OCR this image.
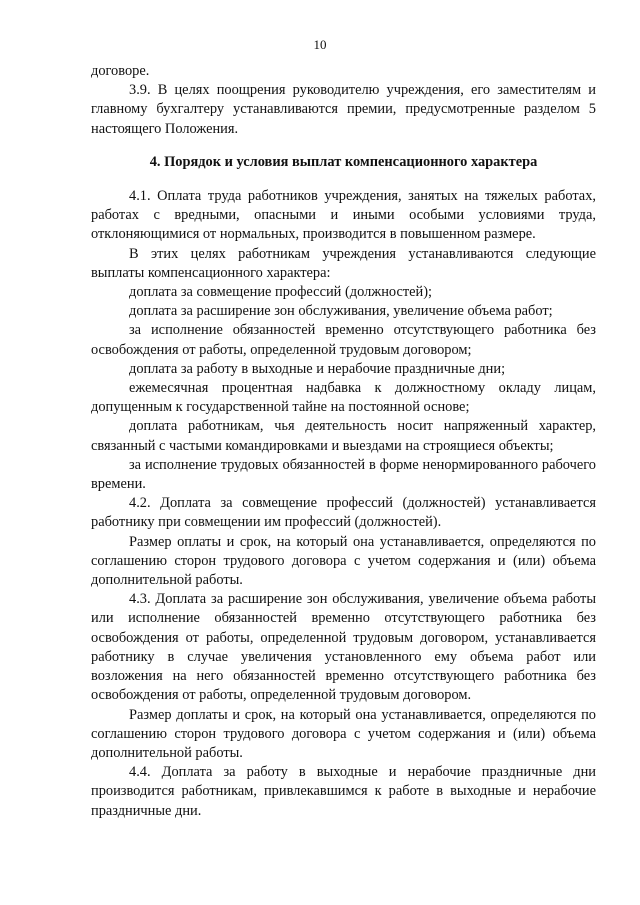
10

договоре.

3.9. В целях поощрения руководителю учреждения, его заместителям и главному бухгалтеру устанавливаются премии, предусмотренные разделом 5 настоящего Положения.

4. Порядок и условия выплат компенсационного характера

4.1. Оплата труда работников учреждения, занятых на тяжелых работах, работах с вредными, опасными и иными особыми условиями труда, отклоняющимися от нормальных, производится в повышенном размере.

В этих целях работникам учреждения устанавливаются следующие выплаты компенсационного характера:

доплата за совмещение профессий (должностей);

доплата за расширение зон обслуживания, увеличение объема работ;

за исполнение обязанностей временно отсутствующего работника без освобождения от работы, определенной трудовым договором;

доплата за работу в выходные и нерабочие праздничные дни;

ежемесячная процентная надбавка к должностному окладу лицам, допущенным к государственной тайне на постоянной основе;

доплата работникам, чья деятельность носит напряженный характер, связанный с частыми командировками и выездами на строящиеся объекты;

за исполнение трудовых обязанностей в форме ненормированного рабочего времени.

4.2. Доплата за совмещение профессий (должностей) устанавливается работнику при совмещении им профессий (должностей).

Размер оплаты и срок, на который она устанавливается, определяются по соглашению сторон трудового договора с учетом содержания и (или) объема дополнительной работы.

4.3. Доплата за расширение зон обслуживания, увеличение объема работы или исполнение обязанностей временно отсутствующего работника без освобождения от работы, определенной трудовым договором, устанавливается работнику в случае увеличения установленного ему объема работ или возложения на него обязанностей временно отсутствующего работника без освобождения от работы, определенной трудовым договором.

Размер доплаты и срок, на который она устанавливается, определяются по соглашению сторон трудового договора с учетом содержания и (или) объема дополнительной работы.

4.4. Доплата за работу в выходные и нерабочие праздничные дни производится работникам, привлекавшимся к работе в выходные и нерабочие праздничные дни.
